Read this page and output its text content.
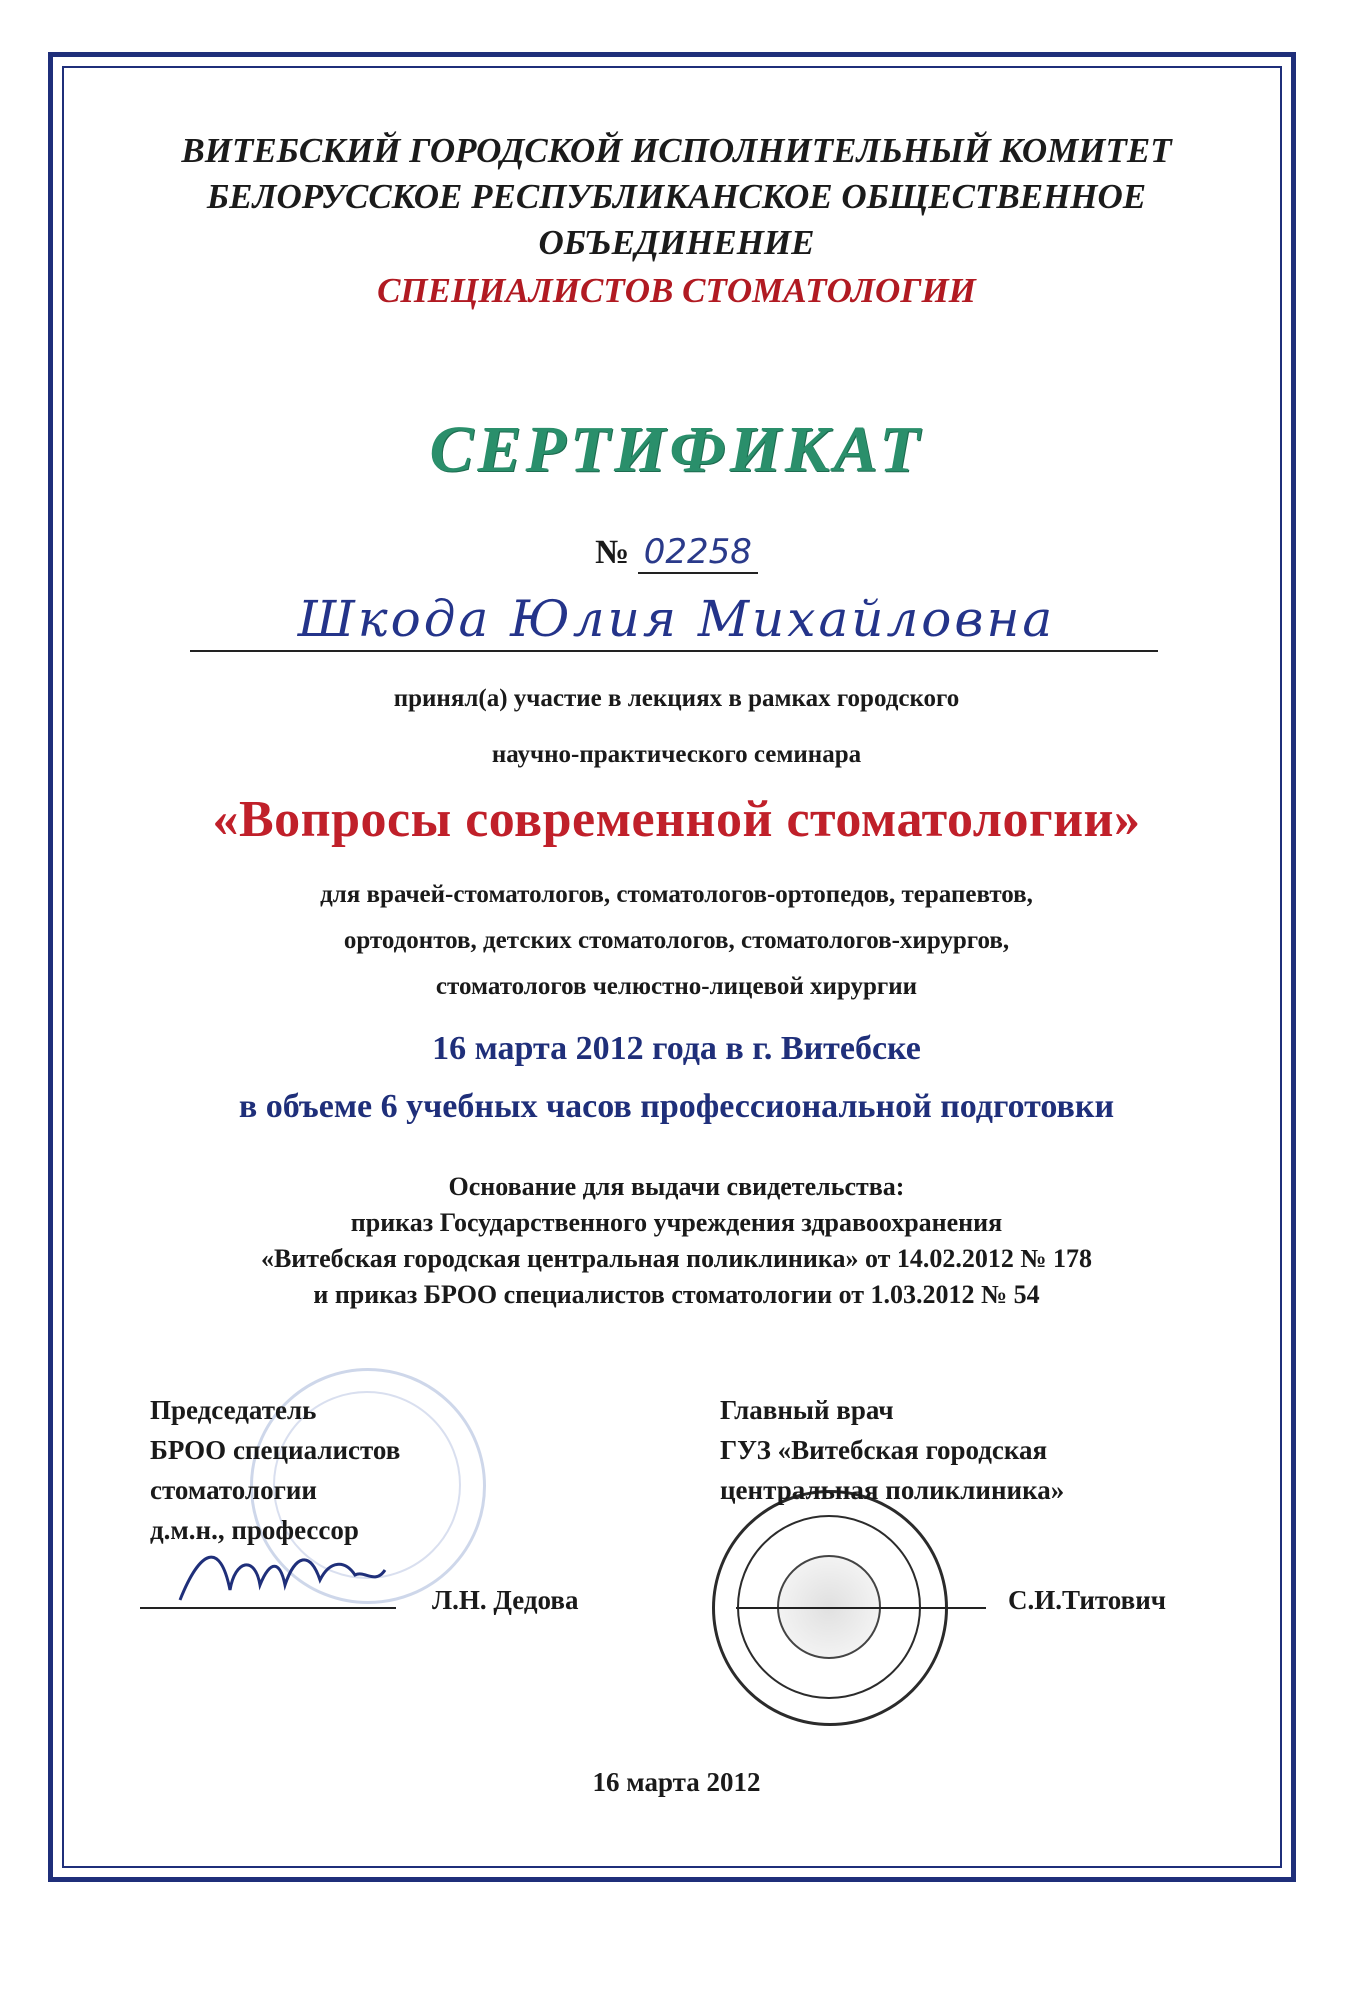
ВИТЕБСКИЙ ГОРОДСКОЙ ИСПОЛНИТЕЛЬНЫЙ КОМИТЕТ
БЕЛОРУССКОЕ РЕСПУБЛИКАНСКОЕ ОБЩЕСТВЕННОЕ
ОБЪЕДИНЕНИЕ
СПЕЦИАЛИСТОВ СТОМАТОЛОГИИ
СЕРТИФИКАТ
№ 02258
Шкода Юлия Михайловна
принял(а) участие в лекциях в рамках городского
научно-практического семинара
«Вопросы современной стоматологии»
для врачей-стоматологов, стоматологов-ортопедов, терапевтов,
ортодонтов, детских стоматологов, стоматологов-хирургов,
стоматологов челюстно-лицевой хирургии
16 марта 2012 года в г. Витебске
в объеме 6 учебных часов профессиональной подготовки
Основание для выдачи свидетельства:
приказ Государственного учреждения здравоохранения
«Витебская городская центральная поликлиника» от 14.02.2012 № 178
и приказ БРОО специалистов стоматологии от 1.03.2012 № 54
Председатель
БРОО специалистов
стоматологии
д.м.н., профессор
Л.Н. Дедова
Главный врач
ГУЗ «Витебская городская
центральная поликлиника»
С.И.Титович
16 марта 2012
